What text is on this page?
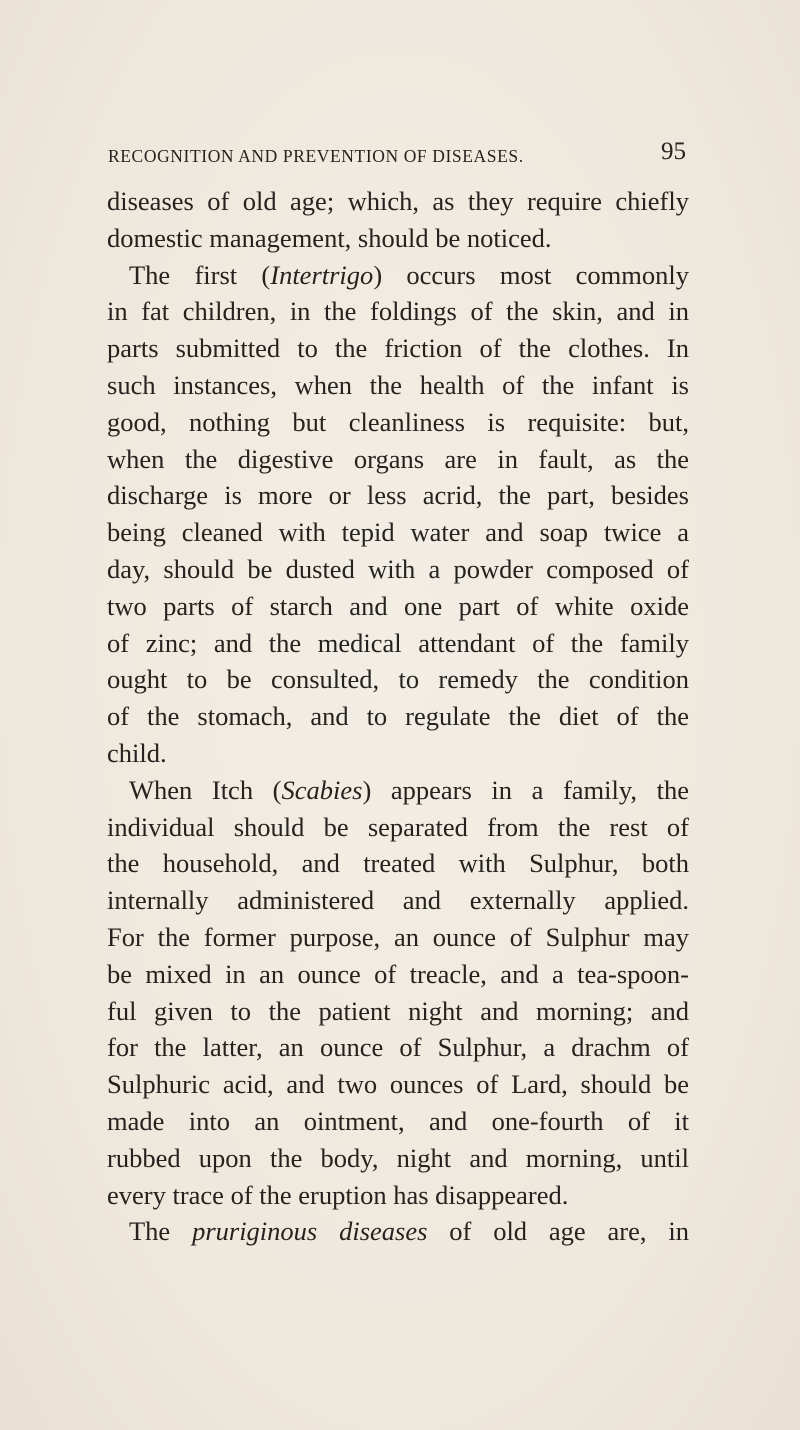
RECOGNITION AND PREVENTION OF DISEASES.	95
diseases of old age; which, as they require chiefly
domestic management, should be noticed.
The first (Intertrigo) occurs most commonly
in fat children, in the foldings of the skin, and in
parts submitted to the friction of the clothes. In
such instances, when the health of the infant is
good, nothing but cleanliness is requisite: but,
when the digestive organs are in fault, as the
discharge is more or less acrid, the part, besides
being cleaned with tepid water and soap twice a
day, should be dusted with a powder composed of
two parts of starch and one part of white oxide
of zinc; and the medical attendant of the family
ought to be consulted, to remedy the condition
of the stomach, and to regulate the diet of the
child.
When Itch (Scabies) appears in a family, the
individual should be separated from the rest of
the household, and treated with Sulphur, both
internally administered and externally applied.
For the former purpose, an ounce of Sulphur may
be mixed in an ounce of treacle, and a tea-spoon-
ful given to the patient night and morning; and
for the latter, an ounce of Sulphur, a drachm of
Sulphuric acid, and two ounces of Lard, should be
made into an ointment, and one-fourth of it
rubbed upon the body, night and morning, until
every trace of the eruption has disappeared.
The pruriginous diseases of old age are, in
